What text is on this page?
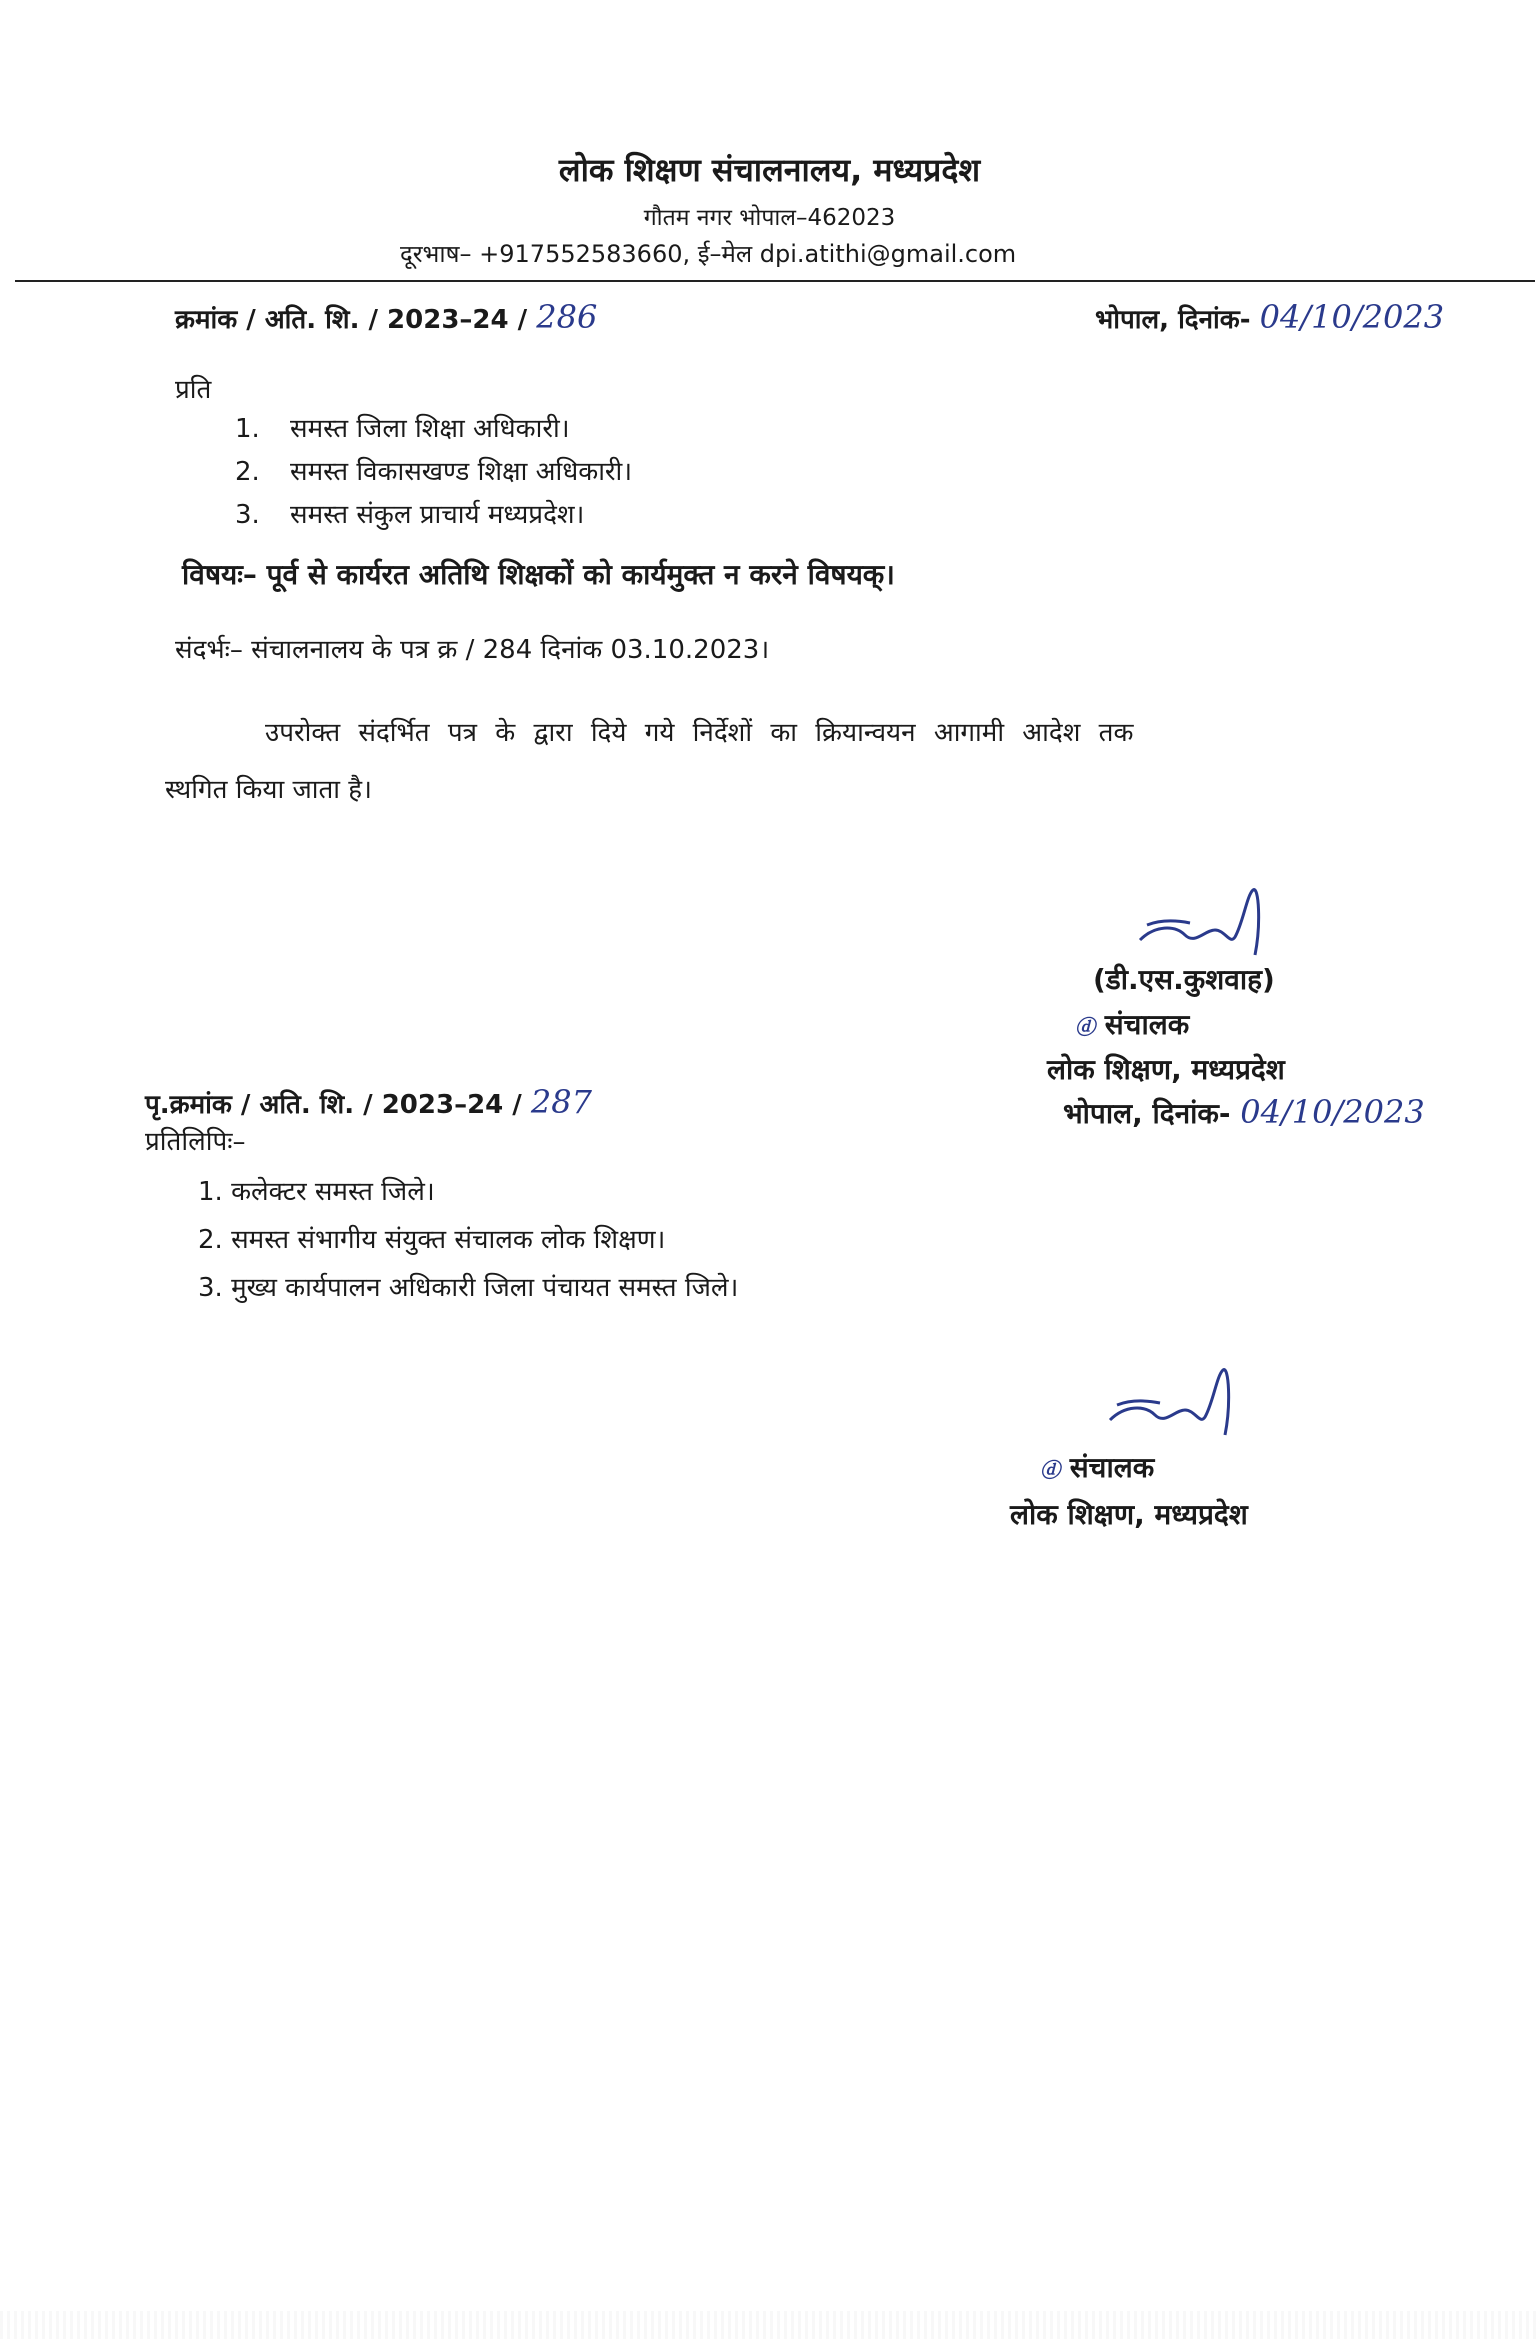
लोक शिक्षण संचालनालय, मध्यप्रदेश
गौतम नगर भोपाल–462023
दूरभाष– +917552583660, ई–मेल dpi.atithi@gmail.com
क्रमांक / अति. शि. / 2023–24 / 286	भोपाल, दिनांक- 04/10/2023
प्रति
1. समस्त जिला शिक्षा अधिकारी।
2. समस्त विकासखण्ड शिक्षा अधिकारी।
3. समस्त संकुल प्राचार्य मध्यप्रदेश।
विषयः– पूर्व से कार्यरत अतिथि शिक्षकों को कार्यमुक्त न करने विषयक्।
संदर्भः– संचालनालय के पत्र क्र / 284 दिनांक 03.10.2023।
उपरोक्त संदर्भित पत्र के द्वारा दिये गये निर्देशों का क्रियान्वयन आगामी आदेश तक
स्थगित किया जाता है।
(डी.एस.कुशवाह)
ⓓ संचालक
लोक शिक्षण, मध्यप्रदेश
भोपाल, दिनांक- 04/10/2023
पृ.क्रमांक / अति. शि. / 2023–24 / 287
प्रतिलिपिः–
1. कलेक्टर समस्त जिले।
2. समस्त संभागीय संयुक्त संचालक लोक शिक्षण।
3. मुख्य कार्यपालन अधिकारी जिला पंचायत समस्त जिले।
ⓓ संचालक
लोक शिक्षण, मध्यप्रदेश
